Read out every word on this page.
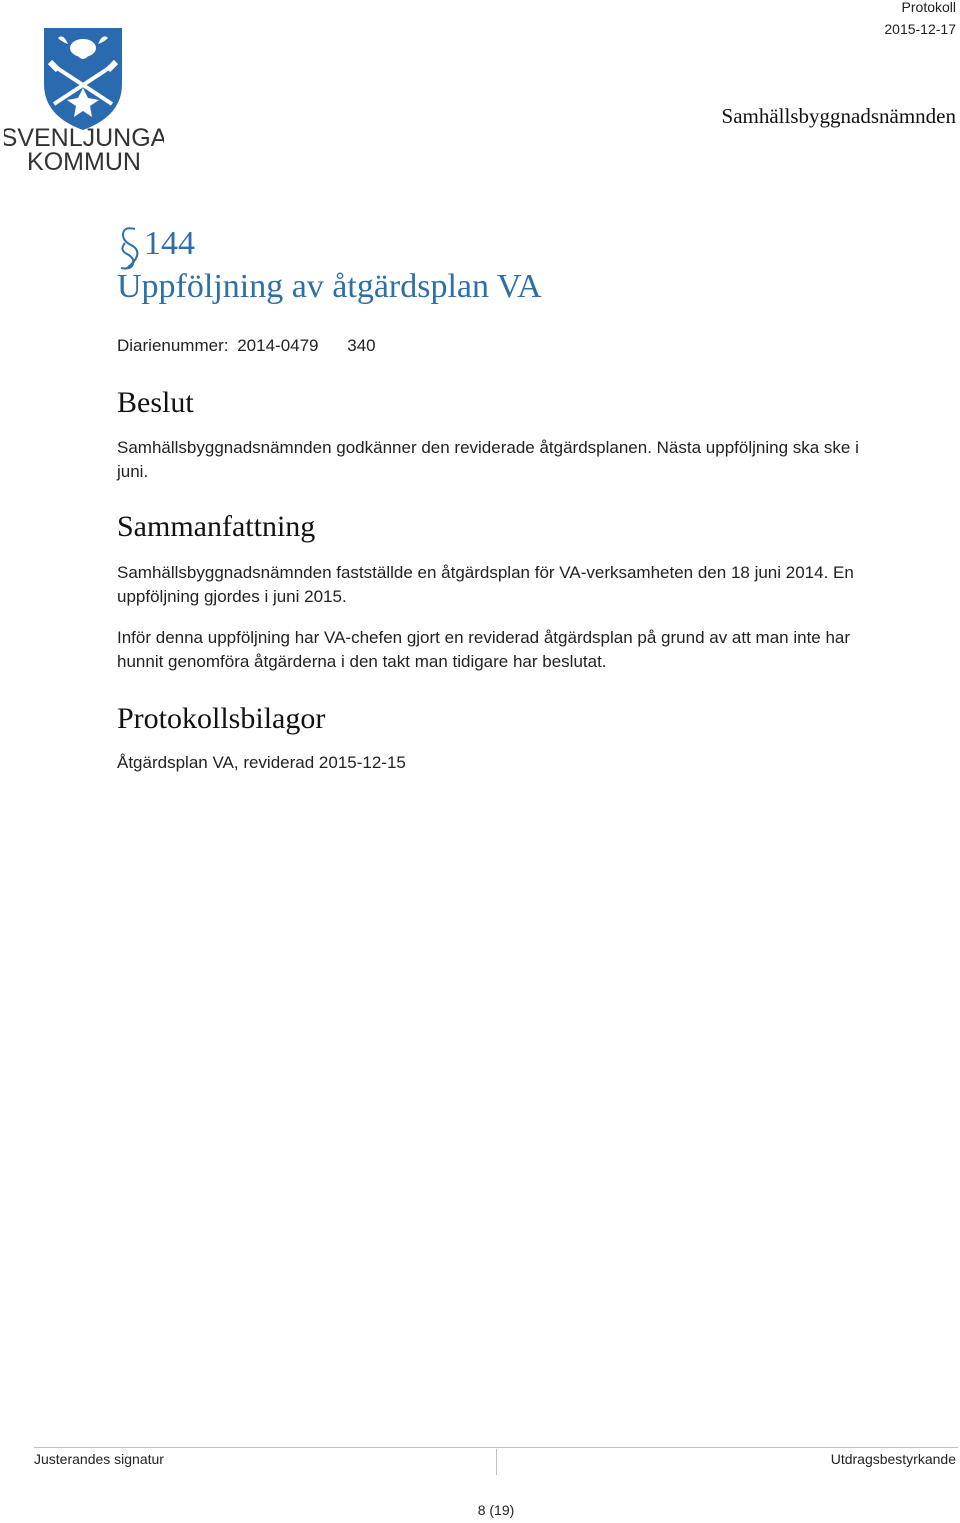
Protokoll
2015-12-17
Samhällsbyggnadsnämnden
SVENLJUNGA
KOMMUN
144
Uppföljning av åtgärdsplan VA
Diarienummer: 2014-0479 340
Beslut

Samhällsbyggnadsnämnden godkänner den reviderade åtgärdsplanen. Nästa uppföljning ska ske i juni.

Sammanfattning

Samhällsbyggnadsnämnden fastställde en åtgärdsplan för VA-verksamheten den 18 juni 2014. En uppföljning gjordes i juni 2015.

Inför denna uppföljning har VA-chefen gjort en reviderad åtgärdsplan på grund av att man inte har hunnit genomföra åtgärderna i den takt man tidigare har beslutat.

Protokollsbilagor

Åtgärdsplan VA, reviderad 2015-12-15

Justerandes signatur	Utdragsbestyrkande
8 (19)
